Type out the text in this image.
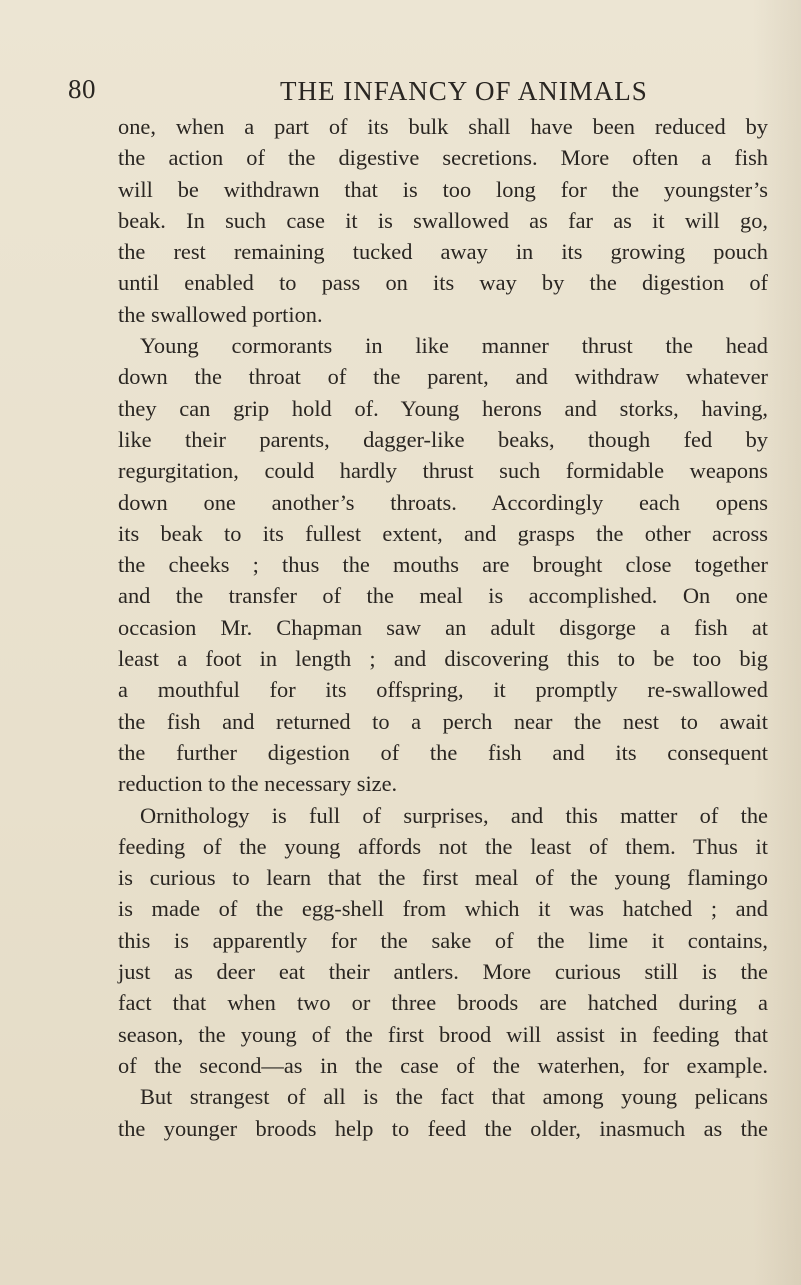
80	THE INFANCY OF ANIMALS
one, when a part of its bulk shall have been reduced by
the action of the digestive secretions. More often a fish
will be withdrawn that is too long for the youngster’s
beak. In such case it is swallowed as far as it will go,
the rest remaining tucked away in its growing pouch
until enabled to pass on its way by the digestion of
the swallowed portion.
Young cormorants in like manner thrust the head
down the throat of the parent, and withdraw whatever
they can grip hold of. Young herons and storks, having,
like their parents, dagger-like beaks, though fed by
regurgitation, could hardly thrust such formidable weapons
down one another’s throats. Accordingly each opens
its beak to its fullest extent, and grasps the other across
the cheeks ; thus the mouths are brought close together
and the transfer of the meal is accomplished. On one
occasion Mr. Chapman saw an adult disgorge a fish at
least a foot in length ; and discovering this to be too big
a mouthful for its offspring, it promptly re-swallowed
the fish and returned to a perch near the nest to await
the further digestion of the fish and its consequent
reduction to the necessary size.
Ornithology is full of surprises, and this matter of the
feeding of the young affords not the least of them. Thus it
is curious to learn that the first meal of the young flamingo
is made of the egg-shell from which it was hatched ; and
this is apparently for the sake of the lime it contains,
just as deer eat their antlers. More curious still is the
fact that when two or three broods are hatched during a
season, the young of the first brood will assist in feeding that
of the second—as in the case of the waterhen, for example.
But strangest of all is the fact that among young pelicans
the younger broods help to feed the older, inasmuch as the
